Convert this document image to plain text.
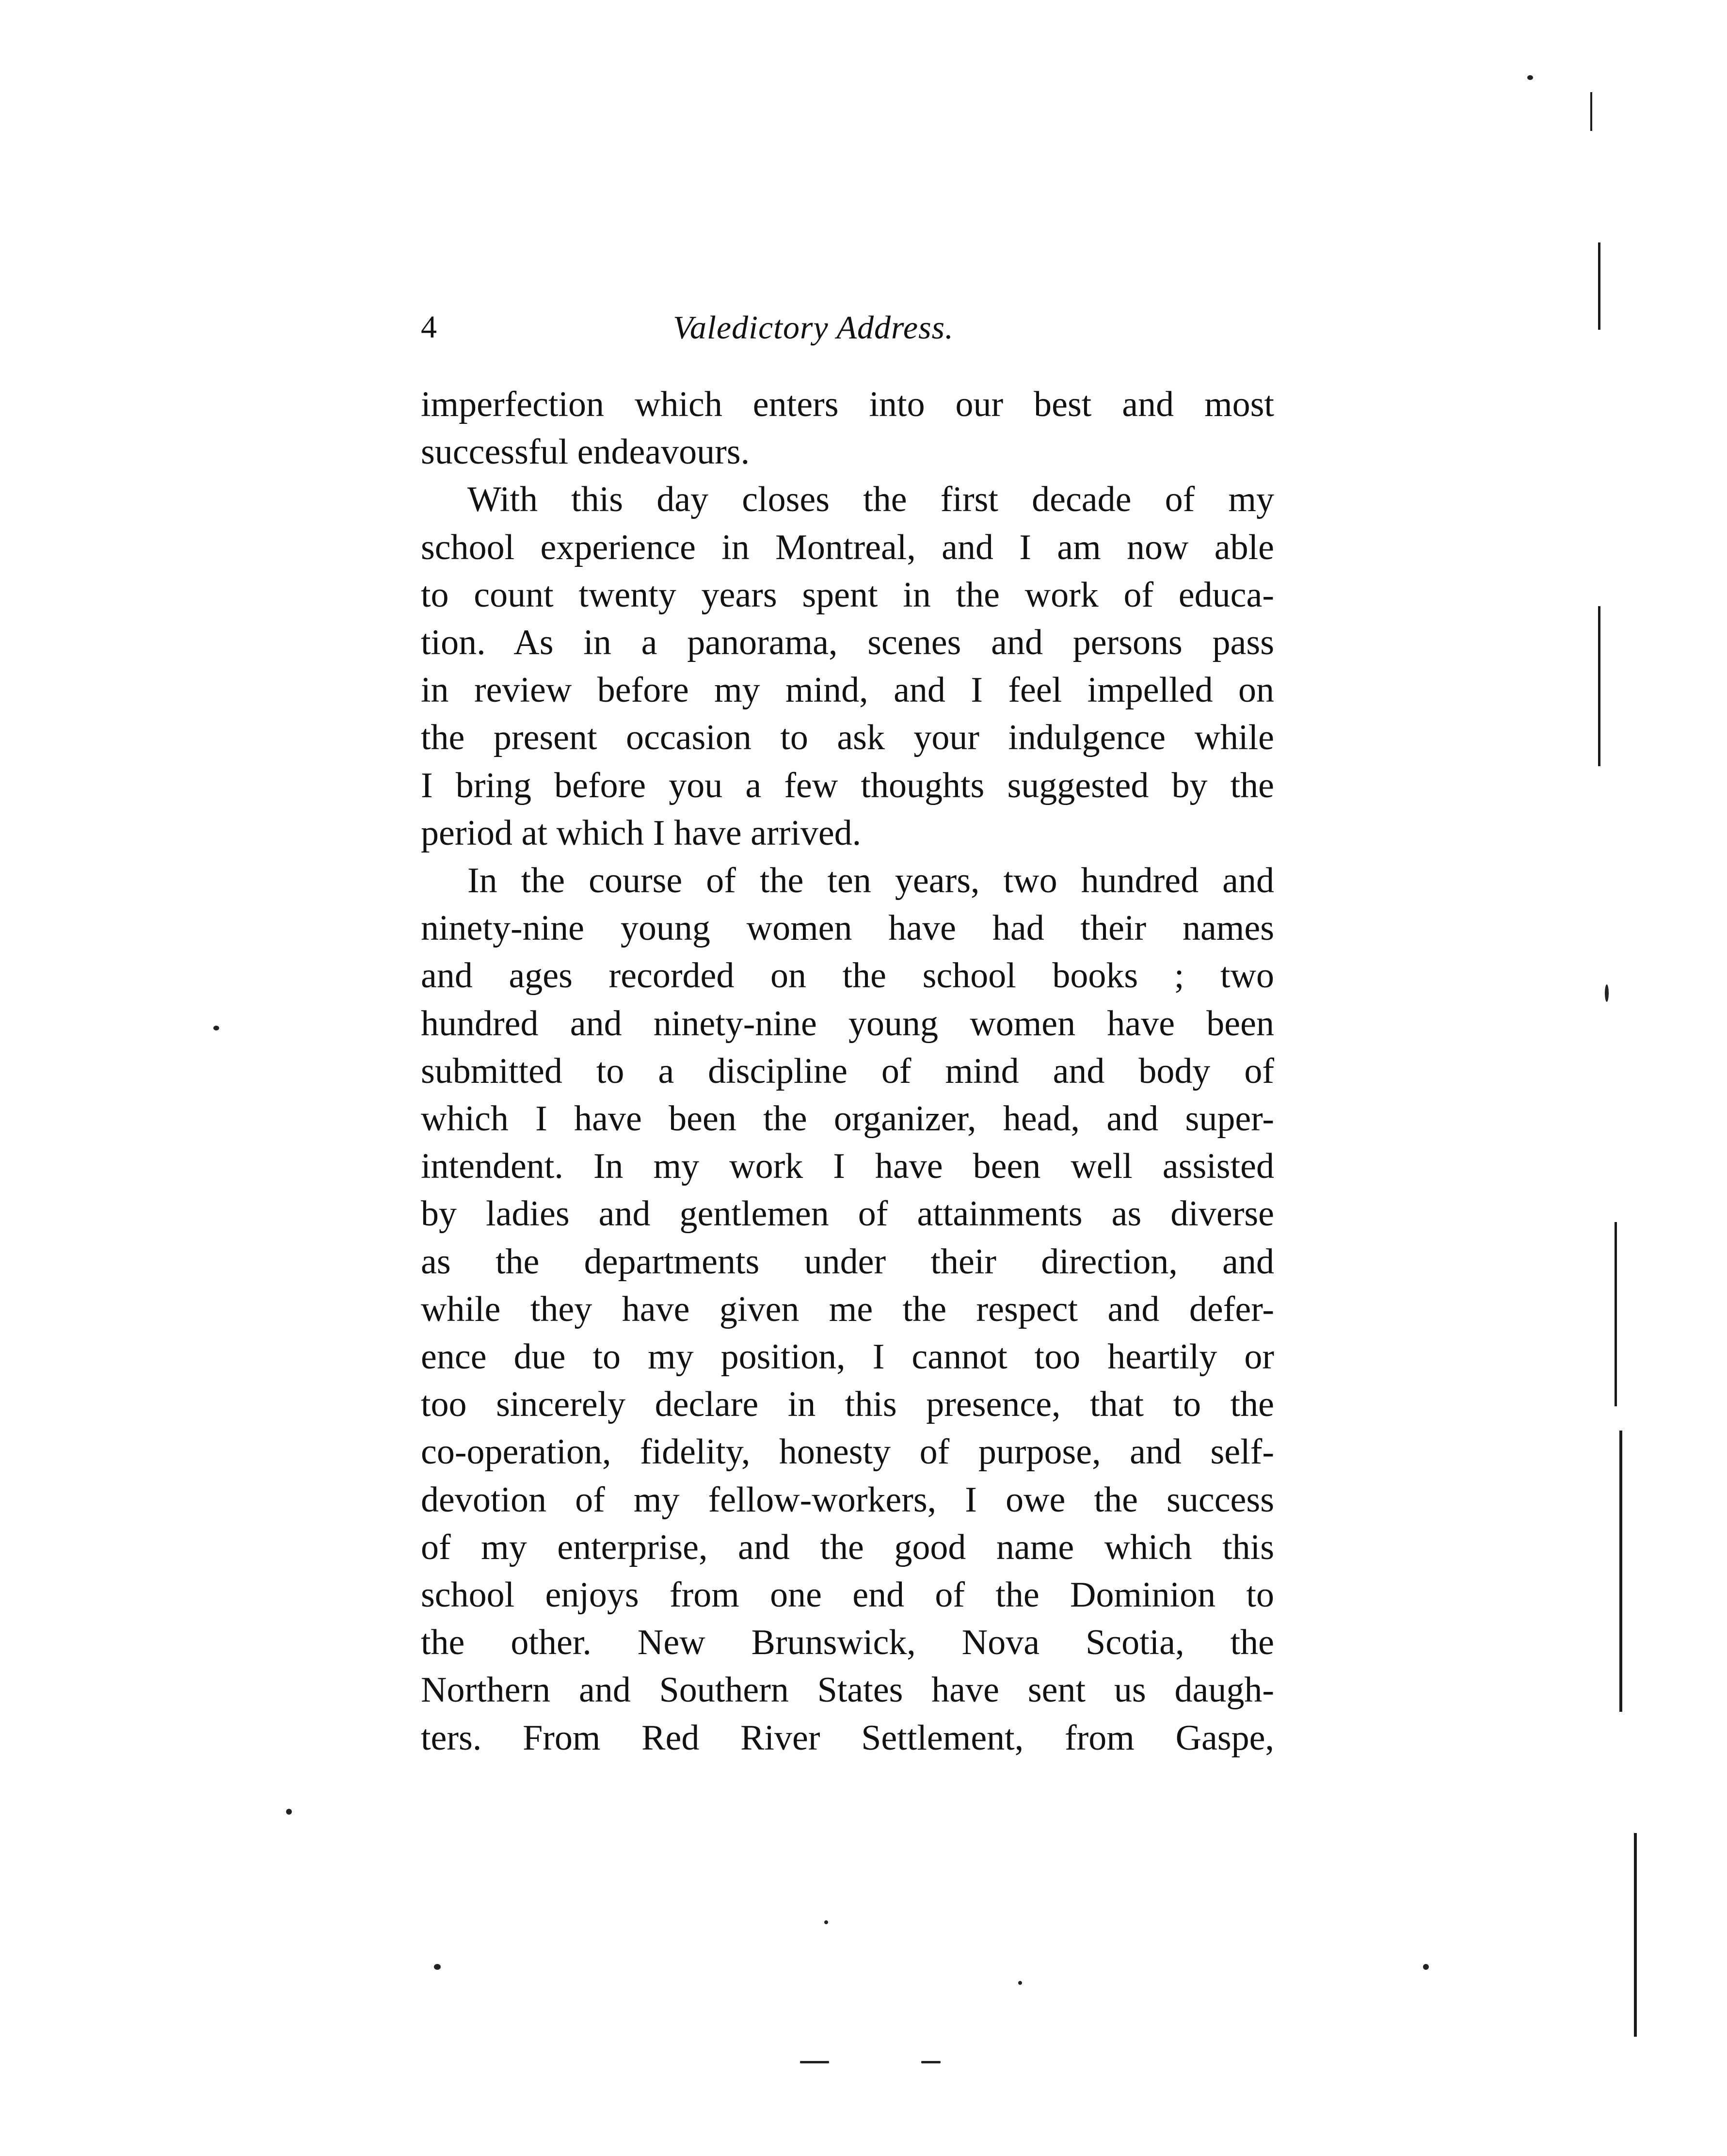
4	Valedictory Address.
imperfection which enters into our best and most
successful endeavours.
With this day closes the first decade of my
school experience in Montreal, and I am now able
to count twenty years spent in the work of educa-
tion. As in a panorama, scenes and persons pass
in review before my mind, and I feel impelled on
the present occasion to ask your indulgence while
I bring before you a few thoughts suggested by the
period at which I have arrived.
In the course of the ten years, two hundred and
ninety-nine young women have had their names
and ages recorded on the school books ; two
hundred and ninety-nine young women have been
submitted to a discipline of mind and body of
which I have been the organizer, head, and super-
intendent. In my work I have been well assisted
by ladies and gentlemen of attainments as diverse
as the departments under their direction, and
while they have given me the respect and defer-
ence due to my position, I cannot too heartily or
too sincerely declare in this presence, that to the
co-operation, fidelity, honesty of purpose, and self-
devotion of my fellow-workers, I owe the success
of my enterprise, and the good name which this
school enjoys from one end of the Dominion to
the other. New Brunswick, Nova Scotia, the
Northern and Southern States have sent us daugh-
ters. From Red River Settlement, from Gaspe,
